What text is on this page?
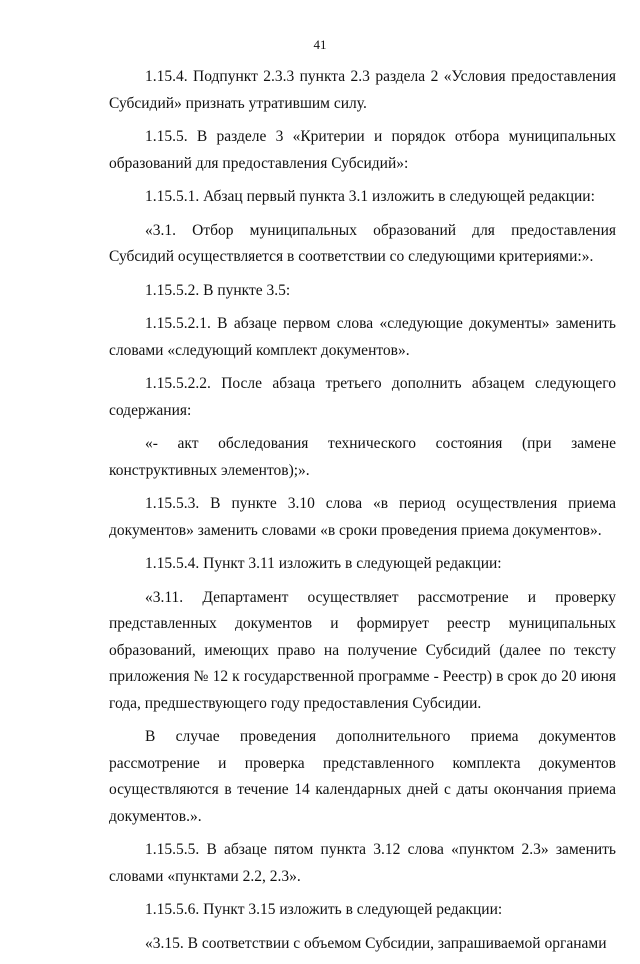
41

1.15.4. Подпункт 2.3.3 пункта 2.3 раздела 2 «Условия предоставления Субсидий» признать утратившим силу.

1.15.5. В разделе 3 «Критерии и порядок отбора муниципальных образований для предоставления Субсидий»:

1.15.5.1. Абзац первый пункта 3.1 изложить в следующей редакции:

«3.1. Отбор муниципальных образований для предоставления Субсидий осуществляется в соответствии со следующими критериями:».

1.15.5.2. В пункте 3.5:

1.15.5.2.1. В абзаце первом слова «следующие документы» заменить словами «следующий комплект документов».

1.15.5.2.2. После абзаца третьего дополнить абзацем следующего содержания:

«- акт обследования технического состояния (при замене конструктивных элементов);».

1.15.5.3. В пункте 3.10 слова «в период осуществления приема документов» заменить словами «в сроки проведения приема документов».

1.15.5.4. Пункт 3.11 изложить в следующей редакции:

«3.11. Департамент осуществляет рассмотрение и проверку представленных документов и формирует реестр муниципальных образований, имеющих право на получение Субсидий (далее по тексту приложения № 12 к государственной программе - Реестр) в срок до 20 июня года, предшествующего году предоставления Субсидии.

В случае проведения дополнительного приема документов рассмотрение и проверка представленного комплекта документов осуществляются в течение 14 календарных дней с даты окончания приема документов.».

1.15.5.5. В абзаце пятом пункта 3.12 слова «пунктом 2.3» заменить словами «пунктами 2.2, 2.3».

1.15.5.6. Пункт 3.15 изложить в следующей редакции:

«3.15. В соответствии с объемом Субсидии, запрашиваемой органами
